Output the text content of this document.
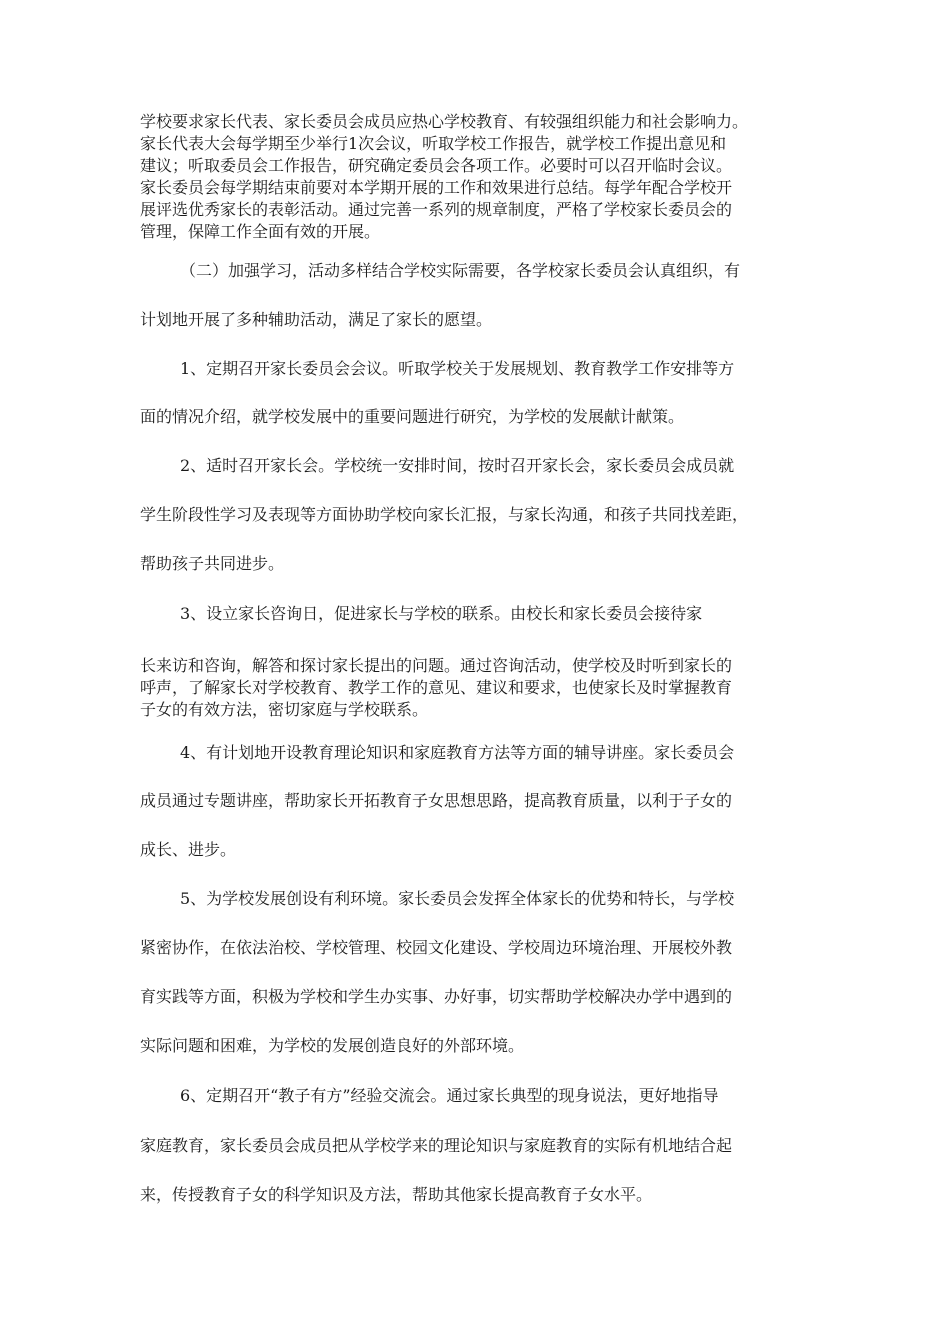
学校要求家长代表、家长委员会成员应热心学校教育、有较强组织能力和社会影响力。
家长代表大会每学期至少举行1次会议，听取学校工作报告，就学校工作提出意见和
建议；听取委员会工作报告，研究确定委员会各项工作。必要时可以召开临时会议。
家长委员会每学期结束前要对本学期开展的工作和效果进行总结。每学年配合学校开
展评选优秀家长的表彰活动。通过完善一系列的规章制度，严格了学校家长委员会的
管理，保障工作全面有效的开展。
（二）加强学习，活动多样结合学校实际需要，各学校家长委员会认真组织，有
计划地开展了多种辅助活动，满足了家长的愿望。
1、定期召开家长委员会会议。听取学校关于发展规划、教育教学工作安排等方
面的情况介绍，就学校发展中的重要问题进行研究，为学校的发展献计献策。
2、适时召开家长会。学校统一安排时间，按时召开家长会，家长委员会成员就
学生阶段性学习及表现等方面协助学校向家长汇报，与家长沟通，和孩子共同找差距，
帮助孩子共同进步。
3、设立家长咨询日，促进家长与学校的联系。由校长和家长委员会接待家
长来访和咨询，解答和探讨家长提出的问题。通过咨询活动，使学校及时听到家长的
呼声，了解家长对学校教育、教学工作的意见、建议和要求，也使家长及时掌握教育
子女的有效方法，密切家庭与学校联系。
4、有计划地开设教育理论知识和家庭教育方法等方面的辅导讲座。家长委员会
成员通过专题讲座，帮助家长开拓教育子女思想思路，提高教育质量，以利于子女的
成长、进步。
5、为学校发展创设有利环境。家长委员会发挥全体家长的优势和特长，与学校
紧密协作，在依法治校、学校管理、校园文化建设、学校周边环境治理、开展校外教
育实践等方面，积极为学校和学生办实事、办好事，切实帮助学校解决办学中遇到的
实际问题和困难，为学校的发展创造良好的外部环境。
6、定期召开“教子有方”经验交流会。通过家长典型的现身说法，更好地指导
家庭教育，家长委员会成员把从学校学来的理论知识与家庭教育的实际有机地结合起
来，传授教育子女的科学知识及方法，帮助其他家长提高教育子女水平。
